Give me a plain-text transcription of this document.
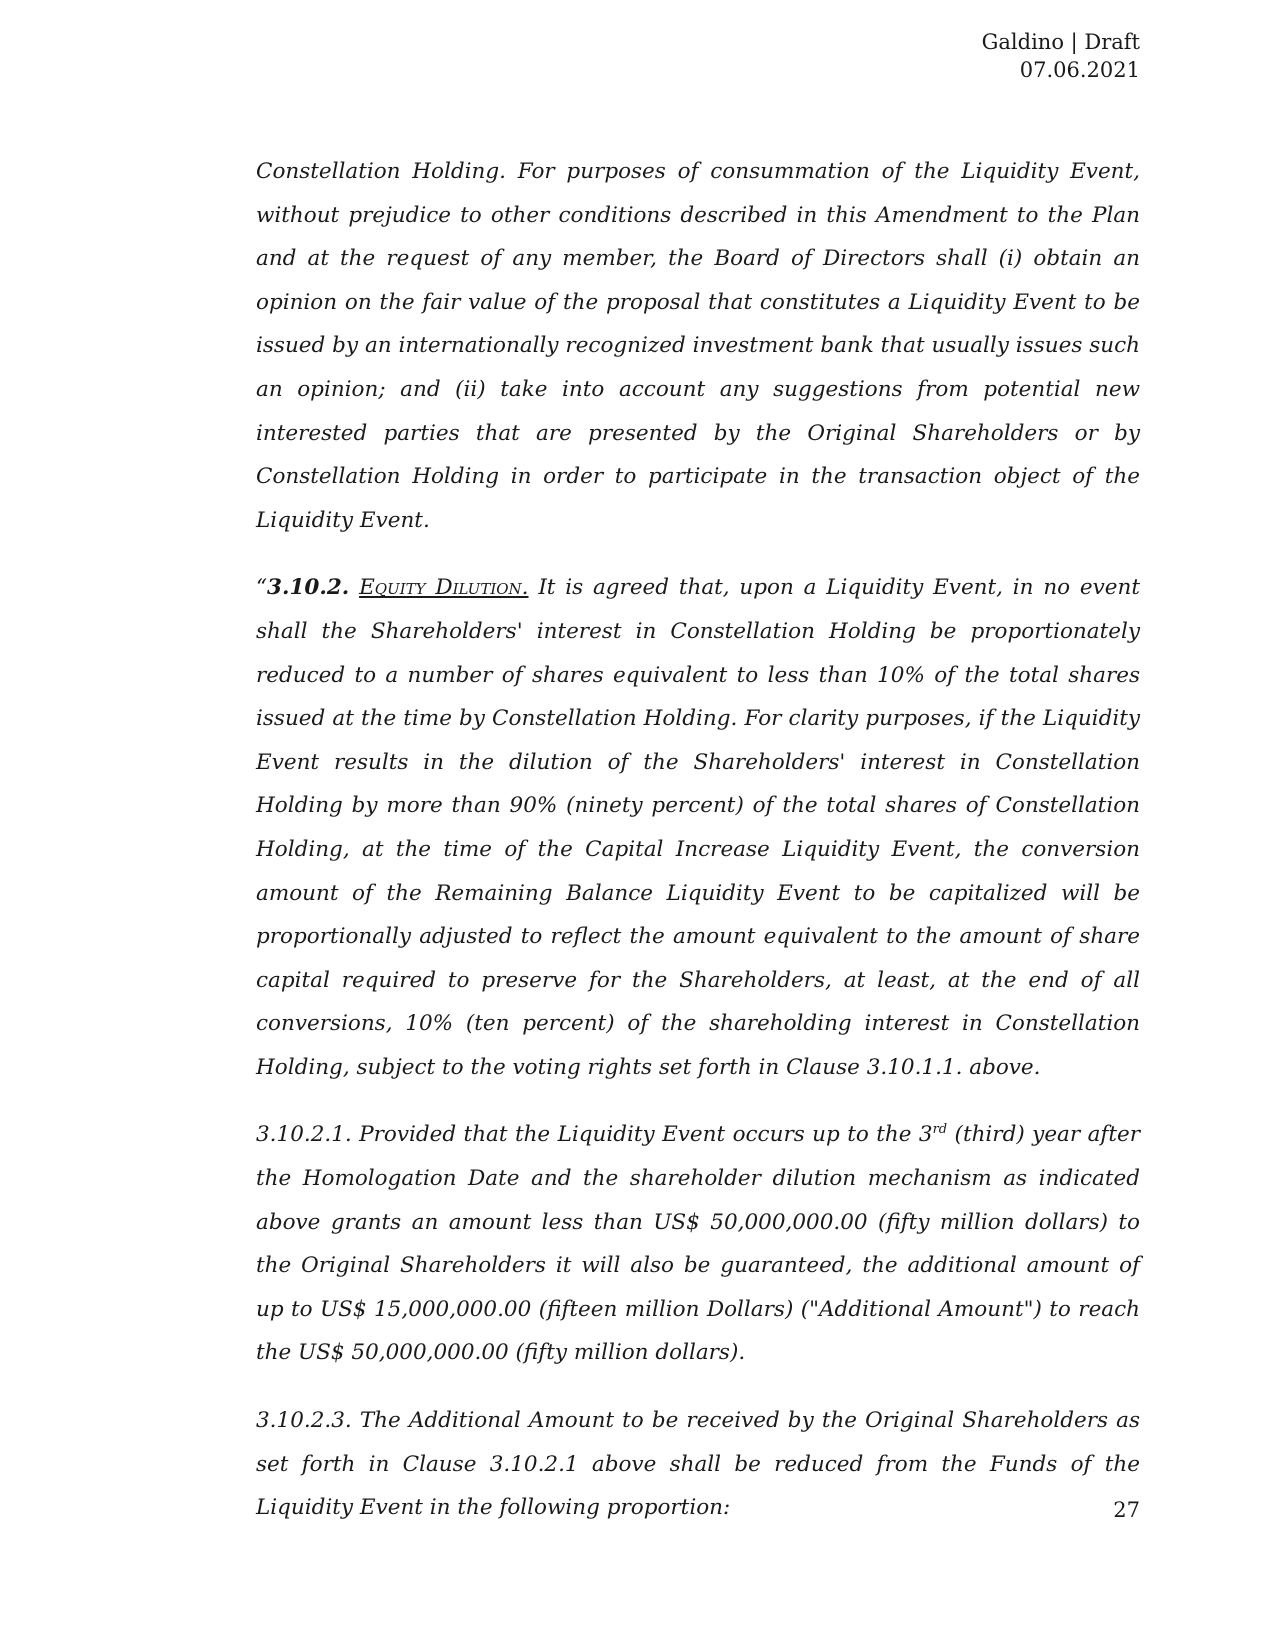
Galdino | Draft
07.06.2021

Constellation Holding. For purposes of consummation of the Liquidity Event, without prejudice to other conditions described in this Amendment to the Plan and at the request of any member, the Board of Directors shall (i) obtain an opinion on the fair value of the proposal that constitutes a Liquidity Event to be issued by an internationally recognized investment bank that usually issues such an opinion; and (ii) take into account any suggestions from potential new interested parties that are presented by the Original Shareholders or by Constellation Holding in order to participate in the transaction object of the Liquidity Event.

“3.10.2. Equity Dilution. It is agreed that, upon a Liquidity Event, in no event shall the Shareholders' interest in Constellation Holding be proportionately reduced to a number of shares equivalent to less than 10% of the total shares issued at the time by Constellation Holding. For clarity purposes, if the Liquidity Event results in the dilution of the Shareholders' interest in Constellation Holding by more than 90% (ninety percent) of the total shares of Constellation Holding, at the time of the Capital Increase Liquidity Event, the conversion amount of the Remaining Balance Liquidity Event to be capitalized will be proportionally adjusted to reflect the amount equivalent to the amount of share capital required to preserve for the Shareholders, at least, at the end of all conversions, 10% (ten percent) of the shareholding interest in Constellation Holding, subject to the voting rights set forth in Clause 3.10.1.1. above.

3.10.2.1. Provided that the Liquidity Event occurs up to the 3rd (third) year after the Homologation Date and the shareholder dilution mechanism as indicated above grants an amount less than US$ 50,000,000.00 (fifty million dollars) to the Original Shareholders it will also be guaranteed, the additional amount of up to US$ 15,000,000.00 (fifteen million Dollars) ("Additional Amount") to reach the US$ 50,000,000.00 (fifty million dollars).

3.10.2.3. The Additional Amount to be received by the Original Shareholders as set forth in Clause 3.10.2.1 above shall be reduced from the Funds of the Liquidity Event in the following proportion:	27
